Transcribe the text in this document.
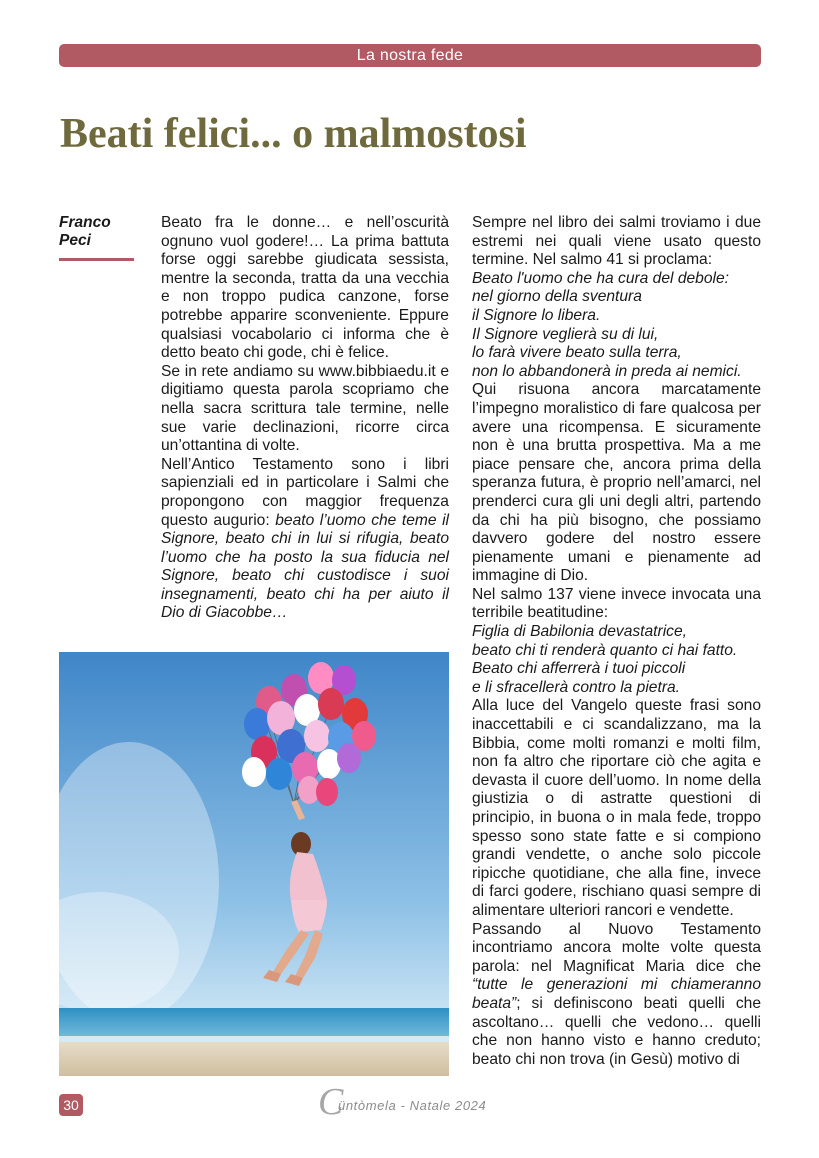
La nostra fede
Beati felici... o malmostosi
Franco
Peci

Beato fra le donne… e nell’oscurità ognuno vuol godere!… La prima battuta forse oggi sarebbe giudicata sessista, mentre la seconda, tratta da una vecchia e non troppo pudica canzone, forse potrebbe apparire sconveniente. Eppure qualsiasi vocabolario ci informa che è detto beato chi gode, chi è felice.

Se in rete andiamo su www.bibbiaedu.it e digitiamo questa parola scopriamo che nella sacra scrittura tale termine, nelle sue varie declinazioni, ricorre circa un’ottantina di volte.

Nell’Antico Testamento sono i libri sapienziali ed in particolare i Salmi che propongono con maggior frequenza questo augurio: beato l’uomo che teme il Signore, beato chi in lui si rifugia, beato l’uomo che ha posto la sua fiducia nel Signore, beato chi custodisce i suoi insegnamenti, beato chi ha per aiuto il Dio di Giacobbe…

Sempre nel libro dei salmi troviamo i due estremi nei quali viene usato questo termine. Nel salmo 41 si proclama:

Beato l'uomo che ha cura del debole:

nel giorno della sventura

il Signore lo libera.

Il Signore veglierà su di lui,

lo farà vivere beato sulla terra,

non lo abbandonerà in preda ai nemici.

Qui risuona ancora marcatamente l’impegno moralistico di fare qualcosa per avere una ricompensa. E sicuramente non è una brutta prospettiva. Ma a me piace pensare che, ancora prima della speranza futura, è proprio nell’amarci, nel prenderci cura gli uni degli altri, partendo da chi ha più bisogno, che possiamo davvero godere del nostro essere pienamente umani e pienamente ad immagine di Dio.

Nel salmo 137 viene invece invocata una terribile beatitudine:

Figlia di Babilonia devastatrice,

beato chi ti renderà quanto ci hai fatto.

Beato chi afferrerà i tuoi piccoli

e li sfracellerà contro la pietra.

Alla luce del Vangelo queste frasi sono inaccettabili e ci scandalizzano, ma la Bibbia, come molti romanzi e molti film, non fa altro che riportare ciò che agita e devasta il cuore dell’uomo. In nome della giustizia o di astratte questioni di principio, in buona o in mala fede, troppo spesso sono state fatte e si compiono grandi vendette, o anche solo piccole ripicche quotidiane, che alla fine, invece di farci godere, rischiano quasi sempre di alimentare ulteriori rancori e vendette.

Passando al Nuovo Testamento incontriamo ancora molte volte questa parola: nel Magnificat Maria dice che “tutte le generazioni mi chiameranno beata”; si definiscono beati quelli che ascoltano… quelli che vedono… quelli che non hanno visto e hanno creduto; beato chi non trova (in Gesù) motivo di

30	C
üntòmela - Natale 2024
